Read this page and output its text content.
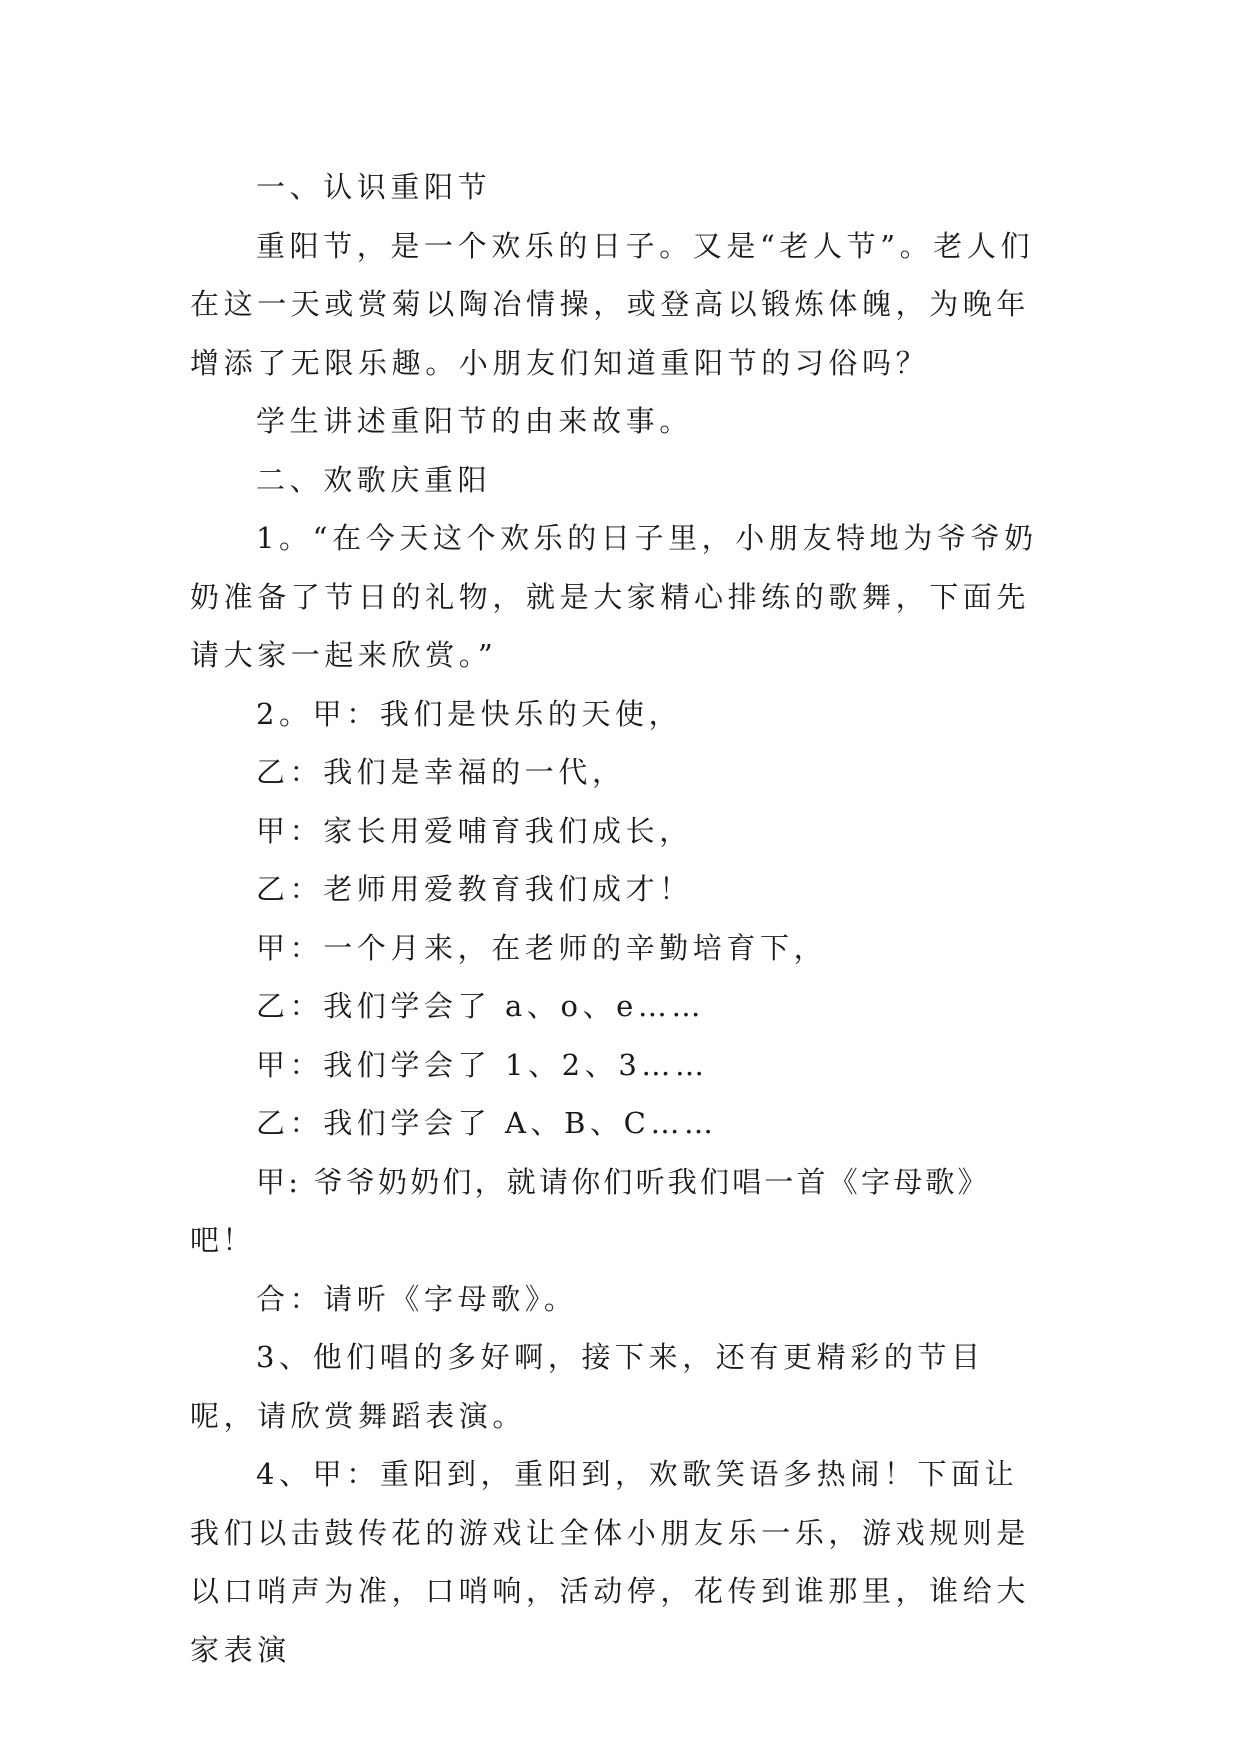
一、认识重阳节

重阳节，是一个欢乐的日子。又是“老人节”。老人们在这一天或赏菊以陶冶情操，或登高以锻炼体魄，为晚年增添了无限乐趣。小朋友们知道重阳节的习俗吗？

学生讲述重阳节的由来故事。

二、欢歌庆重阳

1。“在今天这个欢乐的日子里，小朋友特地为爷爷奶奶准备了节日的礼物，就是大家精心排练的歌舞，下面先请大家一起来欣赏。”

2。甲：我们是快乐的天使，

乙：我们是幸福的一代，

甲：家长用爱哺育我们成长，

乙：老师用爱教育我们成才！

甲：一个月来，在老师的辛勤培育下，

乙：我们学会了 a、o、e……

甲：我们学会了 1、2、3……

乙：我们学会了 A、B、C……

甲: 爷爷奶奶们，就请你们听我们唱一首《字母歌》吧！

合：请听《字母歌》。

3、他们唱的多好啊，接下来，还有更精彩的节目呢，请欣赏舞蹈表演。

4、甲：重阳到，重阳到，欢歌笑语多热闹！下面让我们以击鼓传花的游戏让全体小朋友乐一乐，游戏规则是以口哨声为准，口哨响，活动停，花传到谁那里，谁给大家表演
